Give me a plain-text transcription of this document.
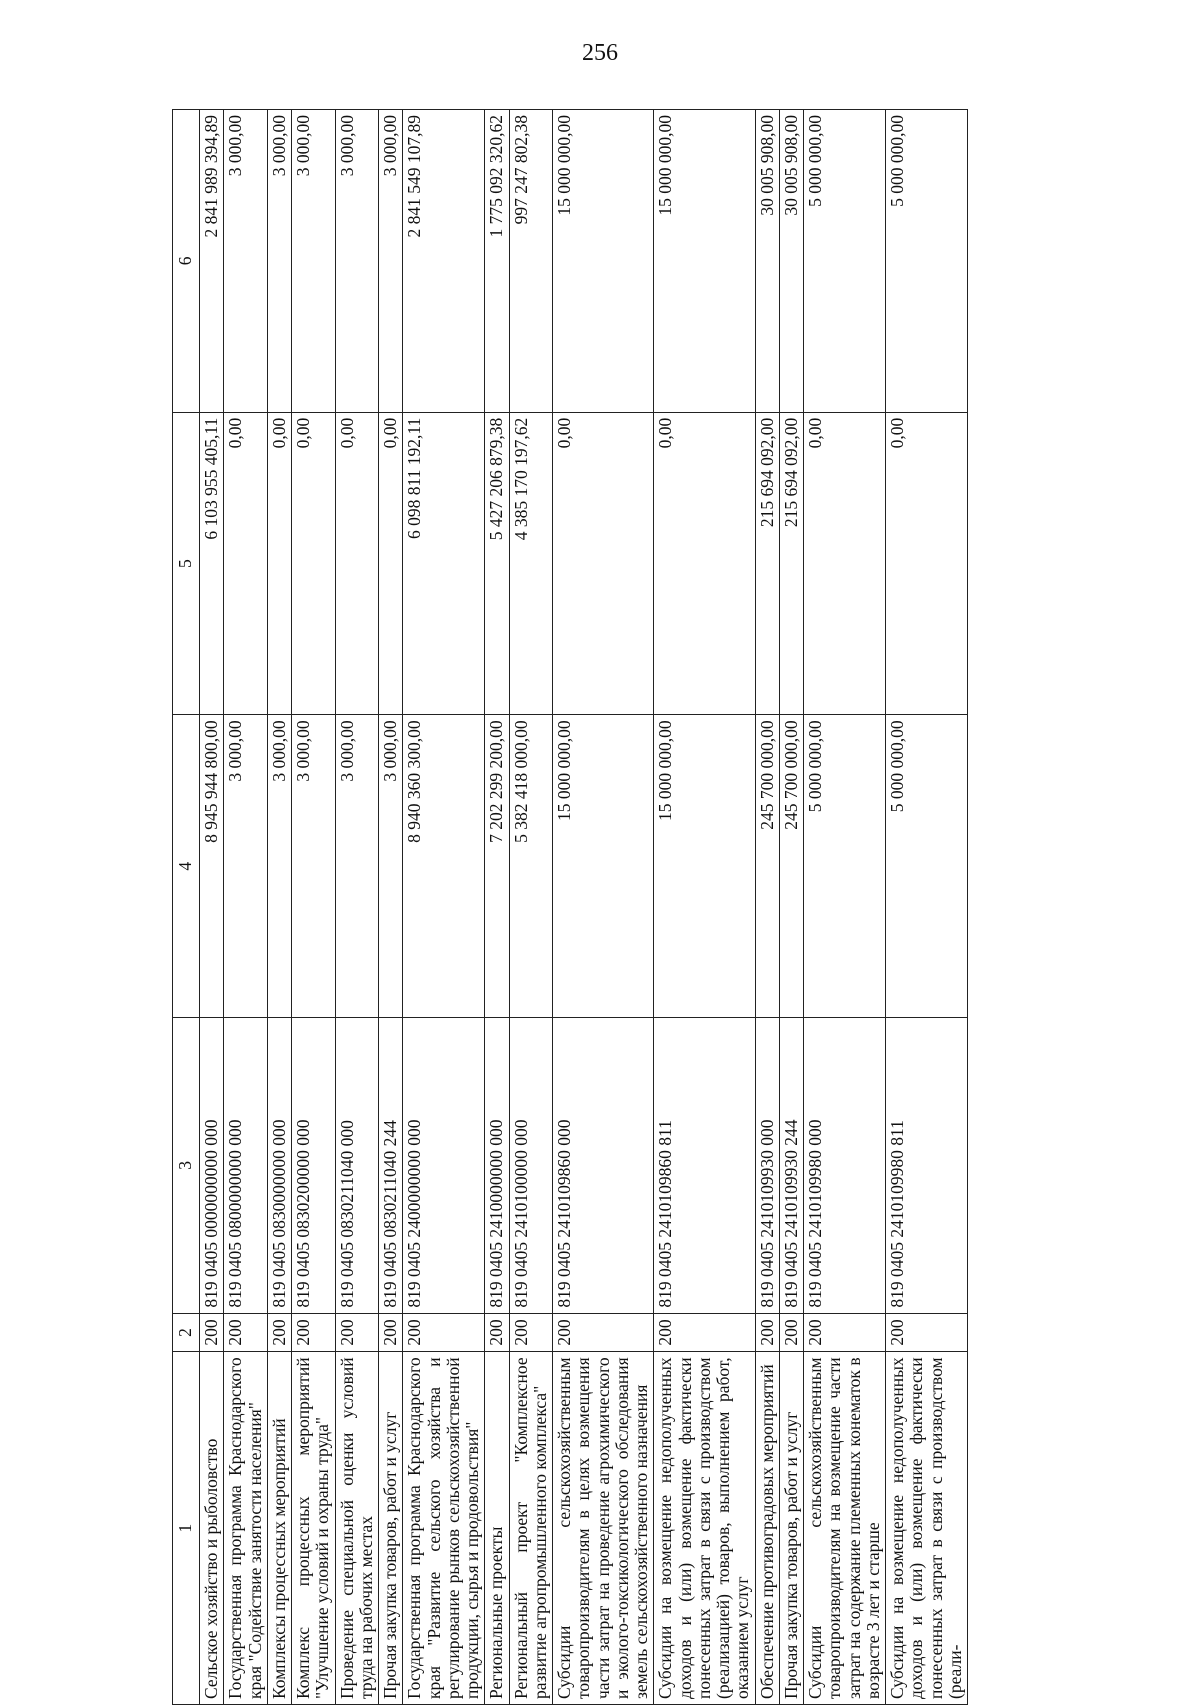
256
1	2	3	4	5	6
Сельское хозяйство и рыболовство	200	819 0405 0000000000 000	8 945 944 800,00	6 103 955 405,11	2 841 989 394,89
Государственная программа Краснодарского края "Содействие занятости населения"	200	819 0405 0800000000 000	3 000,00	0,00	3 000,00
Комплексы процессных мероприятий	200	819 0405 0830000000 000	3 000,00	0,00	3 000,00
Комплекс процессных мероприятий "Улучшение условий и охраны труда"	200	819 0405 0830200000 000	3 000,00	0,00	3 000,00
Проведение специальной оценки условий труда на рабочих местах	200	819 0405 0830211040 000	3 000,00	0,00	3 000,00
Прочая закупка товаров, работ и услуг	200	819 0405 0830211040 244	3 000,00	0,00	3 000,00
Государственная программа Краснодарского края "Развитие сельского хозяйства и регулирование рынков сельскохозяйственной продукции, сырья и продовольствия"	200	819 0405 2400000000 000	8 940 360 300,00	6 098 811 192,11	2 841 549 107,89
Региональные проекты	200	819 0405 2410000000 000	7 202 299 200,00	5 427 206 879,38	1 775 092 320,62
Региональный проект "Комплексное развитие агропромышленного комплекса"	200	819 0405 2410100000 000	5 382 418 000,00	4 385 170 197,62	997 247 802,38
Субсидии сельскохозяйственным товаропроизводителям в целях возмещения части затрат на проведение агрохимического и эколого-токсикологического обследования земель сельскохозяйственного назначения	200	819 0405 2410109860 000	15 000 000,00	0,00	15 000 000,00
Субсидии на возмещение недополученных доходов и (или) возмещение фактически понесенных затрат в связи с производством (реализацией) товаров, выполнением работ, оказанием услуг	200	819 0405 2410109860 811	15 000 000,00	0,00	15 000 000,00
Обеспечение противоградовых мероприятий	200	819 0405 2410109930 000	245 700 000,00	215 694 092,00	30 005 908,00
Прочая закупка товаров, работ и услуг	200	819 0405 2410109930 244	245 700 000,00	215 694 092,00	30 005 908,00
Субсидии сельскохозяйственным товаропроизводителям на возмещение части затрат на содержание племенных конематок в возрасте 3 лет и старше	200	819 0405 2410109980 000	5 000 000,00	0,00	5 000 000,00
Субсидии на возмещение недополученных доходов и (или) возмещение фактически понесенных затрат в связи с производством (реали-	200	819 0405 2410109980 811	5 000 000,00	0,00	5 000 000,00
